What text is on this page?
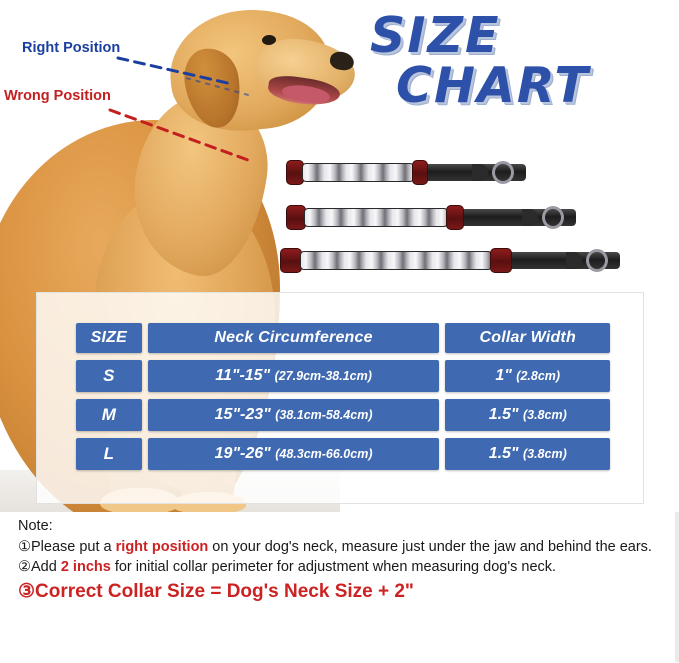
Right Position
Wrong Position
SIZE
CHART
SIZE	Neck Circumference	Collar Width
S	11"-15" (27.9cm-38.1cm)	1" (2.8cm)
M	15"-23" (38.1cm-58.4cm)	1.5" (3.8cm)
L	19"-26" (48.3cm-66.0cm)	1.5" (3.8cm)
Note:
①Please put a right position on your dog's neck, measure just under the jaw and behind the ears.
②Add 2 inchs for initial collar perimeter for adjustment when measuring dog's neck.
③Correct Collar Size = Dog's Neck Size + 2"
